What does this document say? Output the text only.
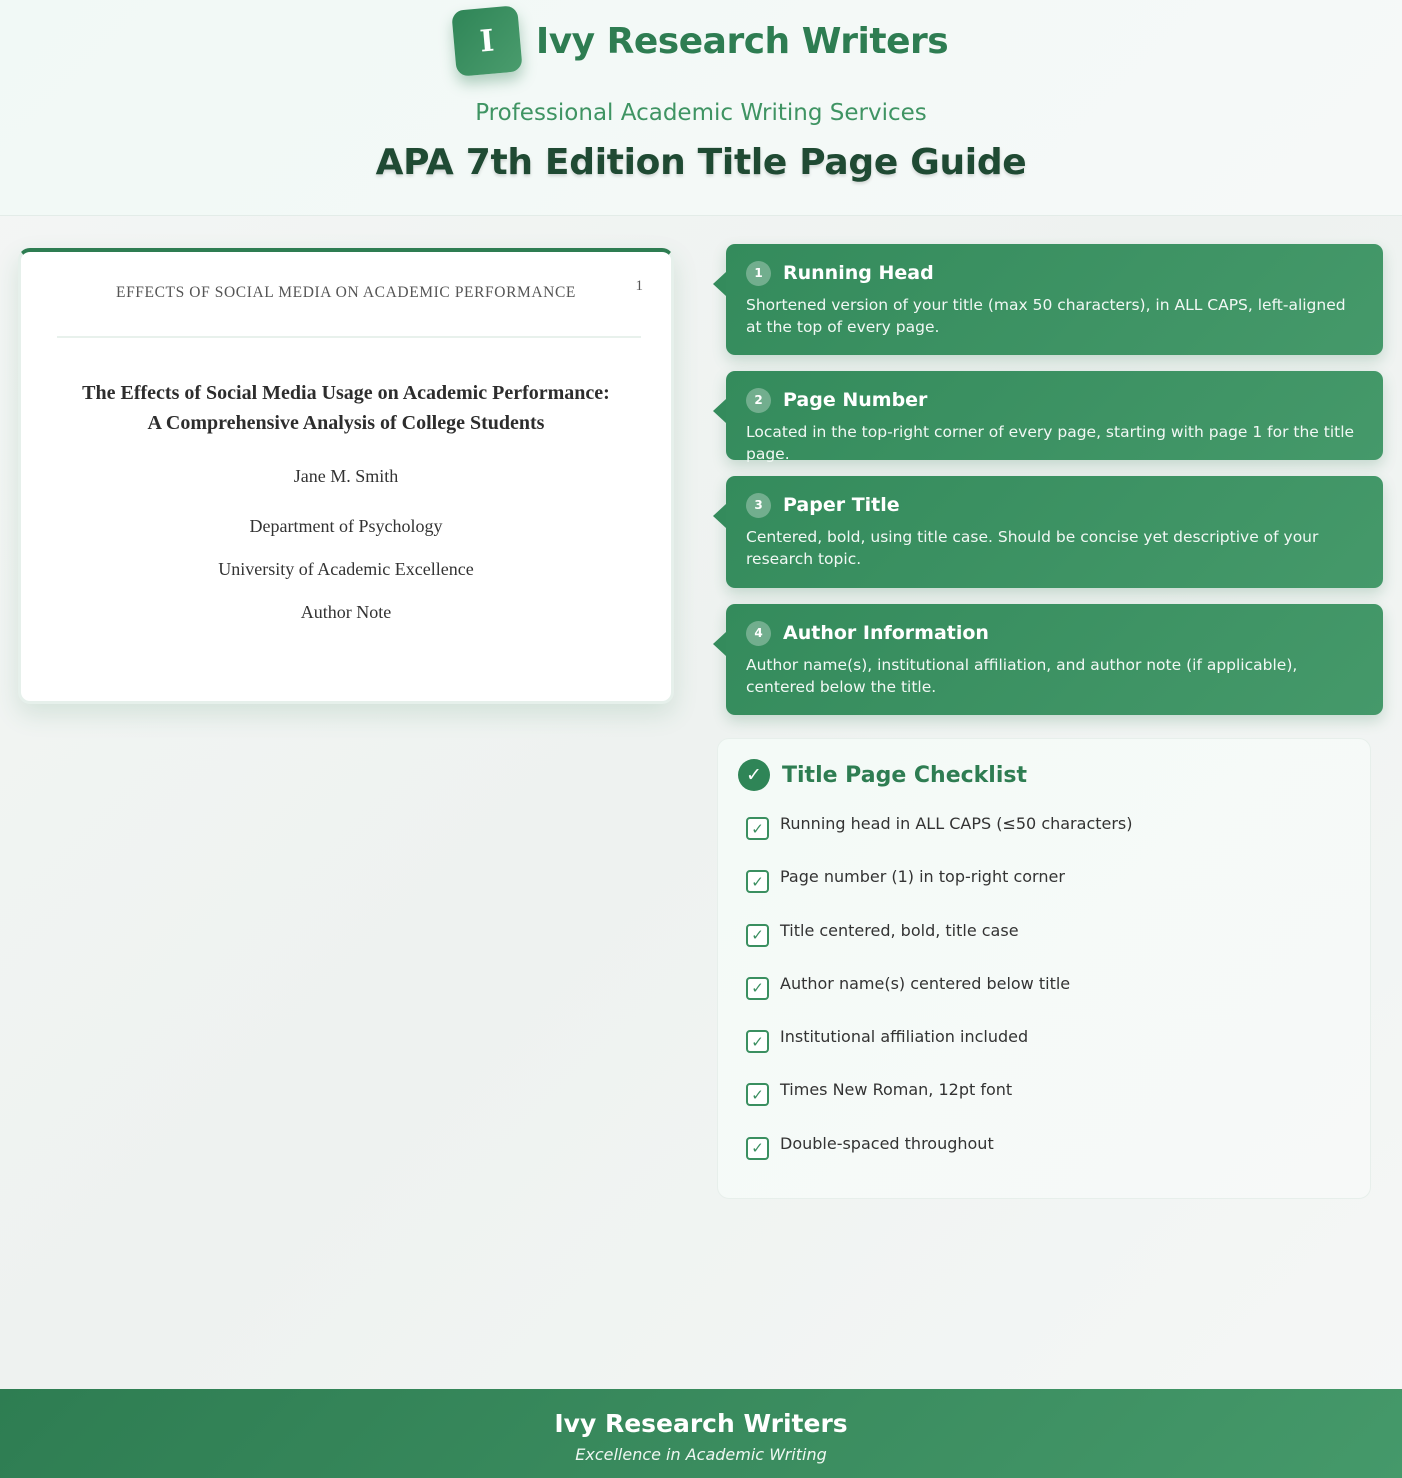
I	Ivy Research Writers
Professional Academic Writing Services
APA 7th Edition Title Page Guide
EFFECTS OF SOCIAL MEDIA ON ACADEMIC PERFORMANCE	1
The Effects of Social Media Usage on Academic Performance:
A Comprehensive Analysis of College Students
Jane M. Smith
Department of Psychology
University of Academic Excellence
Author Note
1	Running Head
Shortened version of your title (max 50 characters), in ALL CAPS, left-aligned at the top of every page.
2	Page Number
Located in the top-right corner of every page, starting with page 1 for the title page.
3	Paper Title
Centered, bold, using title case. Should be concise yet descriptive of your research topic.
4	Author Information
Author name(s), institutional affiliation, and author note (if applicable), centered below the title.
✓ Title Page Checklist
✓	Running head in ALL CAPS (≤50 characters)
✓	Page number (1) in top-right corner
✓	Title centered, bold, title case
✓	Author name(s) centered below title
✓	Institutional affiliation included
✓	Times New Roman, 12pt font
✓	Double-spaced throughout
Ivy Research Writers
Excellence in Academic Writing
